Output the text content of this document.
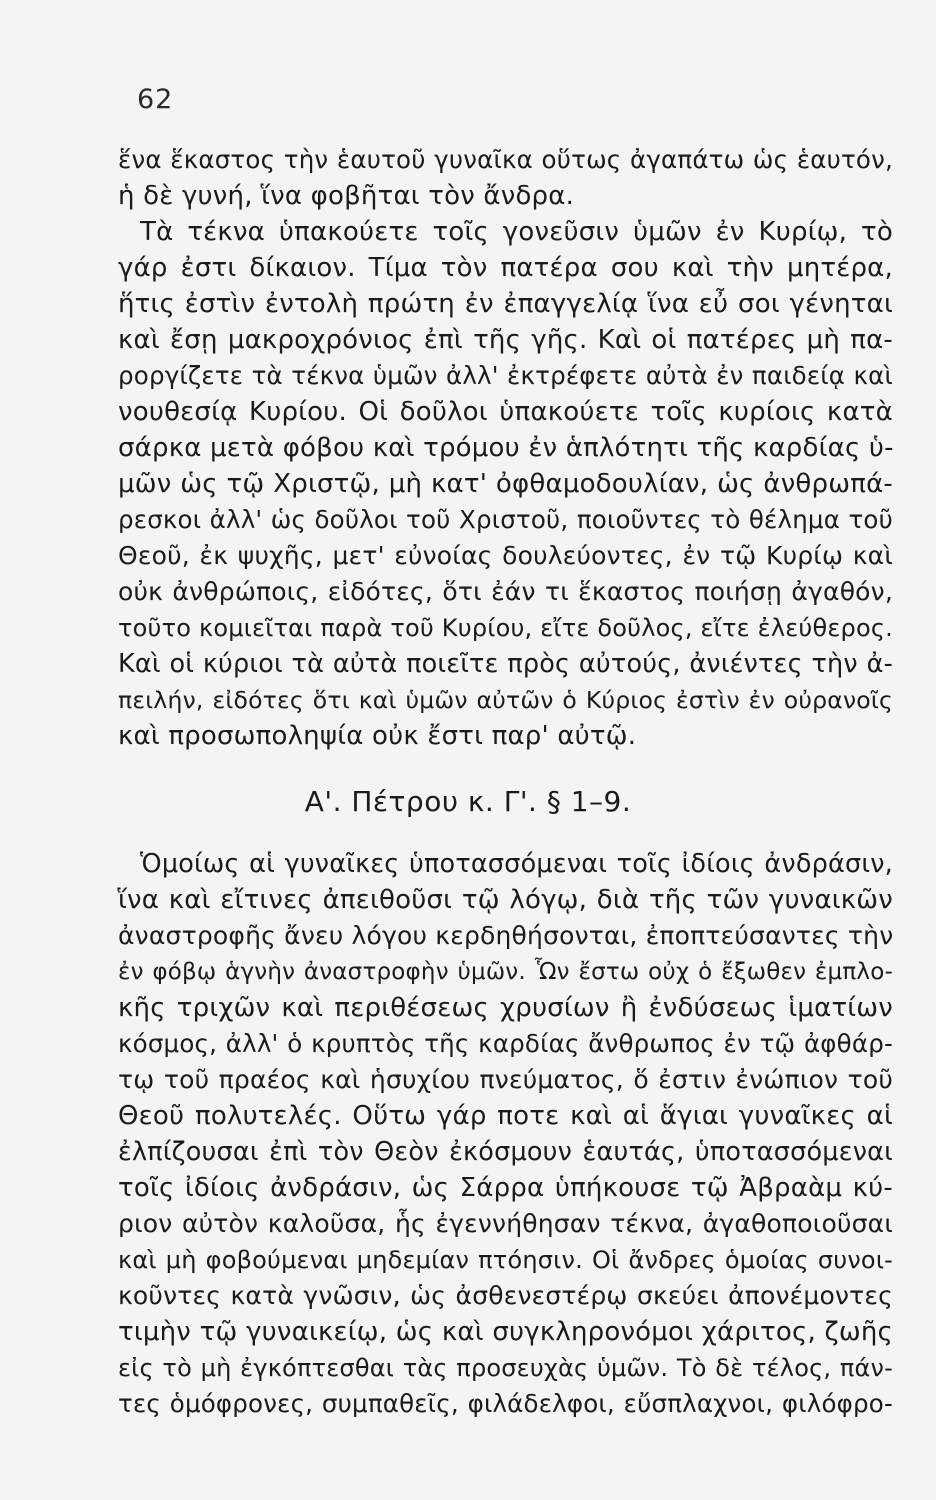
62
ἕνα ἕκαστος τὴν ἑαυτοῦ γυναῖκα οὕτως ἀγαπάτω ὡς ἑαυτόν,
ἡ δὲ γυνή, ἵνα φοβῆται τὸν ἄνδρα.
Τὰ τέκνα ὑπακούετε τοῖς γονεῦσιν ὑμῶν ἐν Κυρίῳ, τὸ
γάρ ἐστι δίκαιον. Τίμα τὸν πατέρα σου καὶ τὴν μητέρα,
ἥτις ἐστὶν ἐντολὴ πρώτη ἐν ἐπαγγελίᾳ ἵνα εὖ σοι γένηται
καὶ ἔσῃ μακροχρόνιος ἐπὶ τῆς γῆς. Καὶ οἱ πατέρες μὴ πα-
ροργίζετε τὰ τέκνα ὑμῶν ἀλλ' ἐκτρέφετε αὐτὰ ἐν παιδείᾳ καὶ
νουθεσίᾳ Κυρίου. Οἱ δοῦλοι ὑπακούετε τοῖς κυρίοις κατὰ
σάρκα μετὰ φόβου καὶ τρόμου ἐν ἁπλότητι τῆς καρδίας ὑ-
μῶν ὡς τῷ Χριστῷ, μὴ κατ' ὀφθαμοδουλίαν, ὡς ἀνθρωπά-
ρεσκοι ἀλλ' ὡς δοῦλοι τοῦ Χριστοῦ, ποιοῦντες τὸ θέλημα τοῦ
Θεοῦ, ἐκ ψυχῆς, μετ' εὐνοίας δουλεύοντες, ἐν τῷ Κυρίῳ καὶ
οὐκ ἀνθρώποις, εἰδότες, ὅτι ἐάν τι ἕκαστος ποιήσῃ ἀγαθόν,
τοῦτο κομιεῖται παρὰ τοῦ Κυρίου, εἴτε δοῦλος, εἴτε ἐλεύθερος.
Καὶ οἱ κύριοι τὰ αὐτὰ ποιεῖτε πρὸς αὐτούς, ἀνιέντες τὴν ἀ-
πειλήν, εἰδότες ὅτι καὶ ὑμῶν αὐτῶν ὁ Κύριος ἐστὶν ἐν οὐρανοῖς
καὶ προσωποληψία οὐκ ἔστι παρ' αὐτῷ.
Α'. Πέτρου κ. Γ'. § 1–9.
Ὁμοίως αἱ γυναῖκες ὑποτασσόμεναι τοῖς ἰδίοις ἀνδράσιν,
ἵνα καὶ εἴτινες ἀπειθοῦσι τῷ λόγῳ, διὰ τῆς τῶν γυναικῶν
ἀναστροφῆς ἄνευ λόγου κερδηθήσονται, ἐποπτεύσαντες τὴν
ἐν φόβῳ ἁγνὴν ἀναστροφὴν ὑμῶν. Ὧν ἔστω οὐχ ὁ ἔξωθεν ἐμπλο-
κῆς τριχῶν καὶ περιθέσεως χρυσίων ἢ ἐνδύσεως ἱματίων
κόσμος, ἀλλ' ὁ κρυπτὸς τῆς καρδίας ἄνθρωπος ἐν τῷ ἀφθάρ-
τῳ τοῦ πραέος καὶ ἡσυχίου πνεύματος, ὅ ἐστιν ἐνώπιον τοῦ
Θεοῦ πολυτελές. Οὕτω γάρ ποτε καὶ αἱ ἅγιαι γυναῖκες αἱ
ἐλπίζουσαι ἐπὶ τὸν Θεὸν ἐκόσμουν ἑαυτάς, ὑποτασσόμεναι
τοῖς ἰδίοις ἀνδράσιν, ὡς Σάρρα ὑπήκουσε τῷ Ἀβραὰμ κύ-
ριον αὐτὸν καλοῦσα, ἧς ἐγεννήθησαν τέκνα, ἀγαθοποιοῦσαι
καὶ μὴ φοβούμεναι μηδεμίαν πτόησιν. Οἱ ἄνδρες ὁμοίας συνοι-
κοῦντες κατὰ γνῶσιν, ὡς ἀσθενεστέρῳ σκεύει ἀπονέμοντες
τιμὴν τῷ γυναικείῳ, ὡς καὶ συγκληρονόμοι χάριτος, ζωῆς
εἰς τὸ μὴ ἐγκόπτεσθαι τὰς προσευχὰς ὑμῶν. Τὸ δὲ τέλος, πάν-
τες ὁμόφρονες, συμπαθεῖς, φιλάδελφοι, εὔσπλαχνοι, φιλόφρο-
